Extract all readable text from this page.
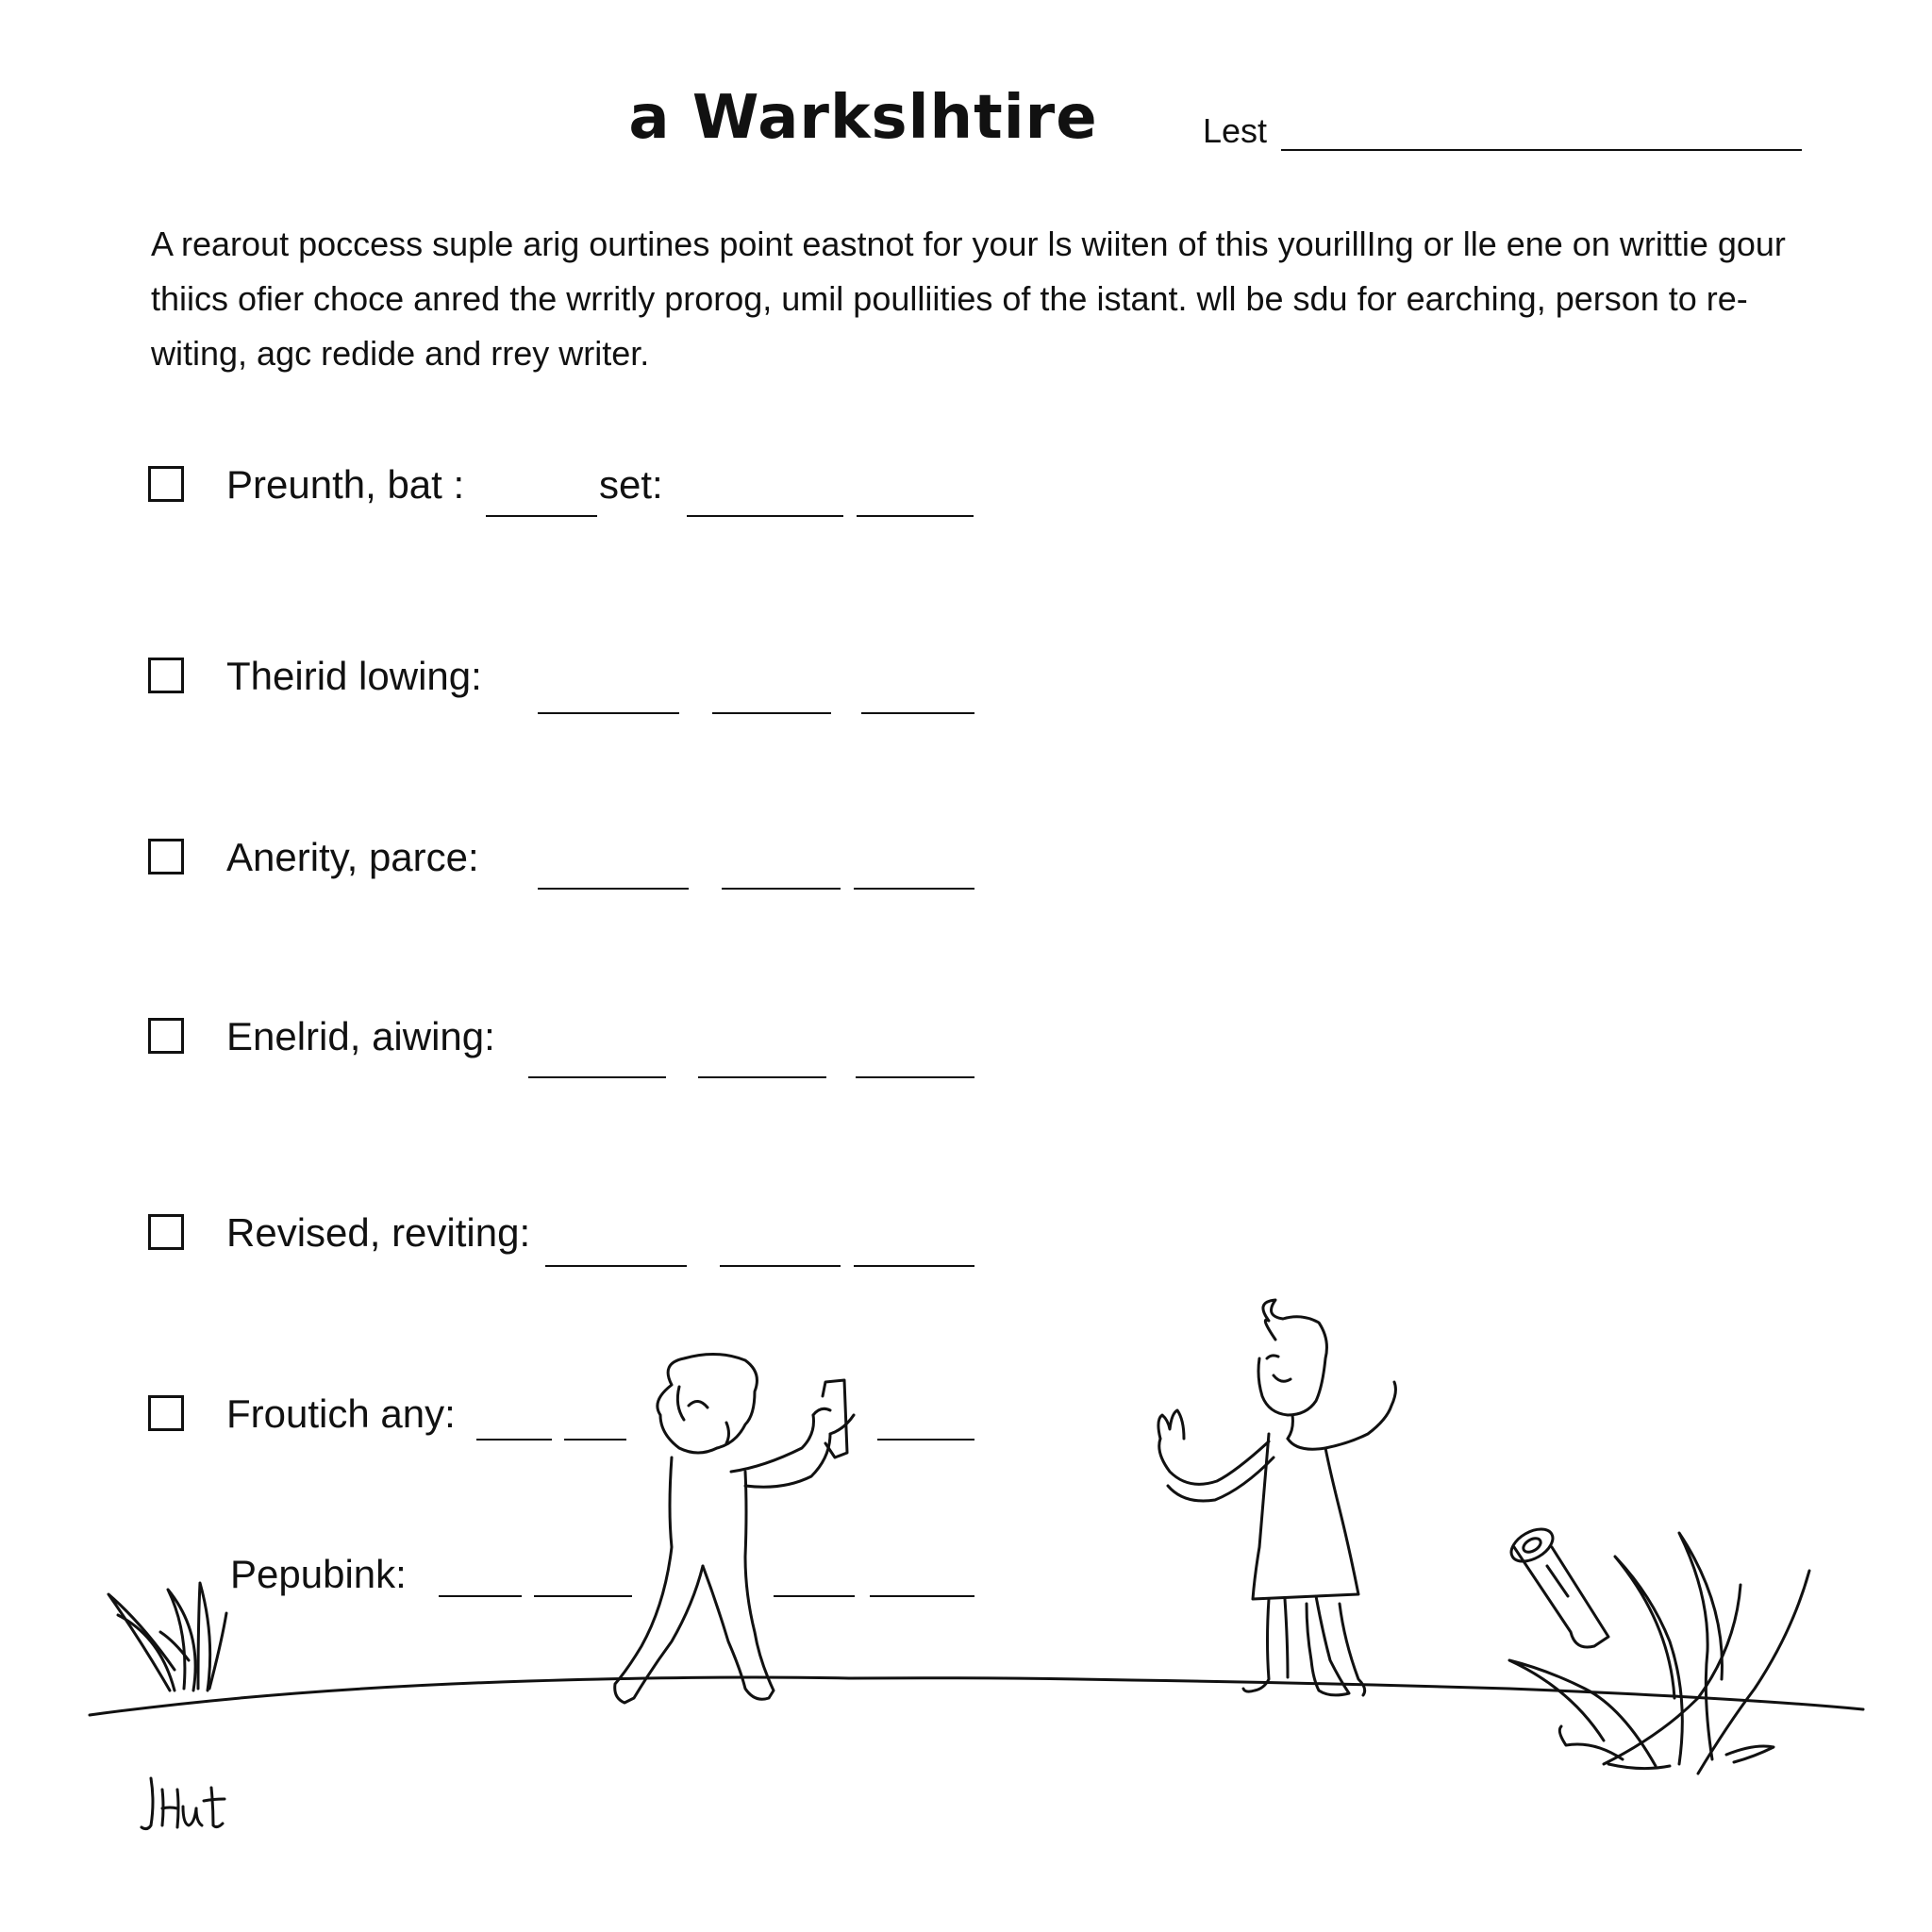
a Warkslhtire	Lest
A rearout poccess suple arig ourtines point eastnot for your ls wiiten of this yourillIng or lle ene on writtie gour thiics ofier choce anred the wrritly prorog, umil poulliities of the istant. wll be sdu for earching, person to re-witing, agc redide and rrey writer.
Preunth, bat :	set:
Theirid lowing:
Anerity, parce:
Enelrid, aiwing:
Revised, reviting:
Froutich any:
Pepubink:
